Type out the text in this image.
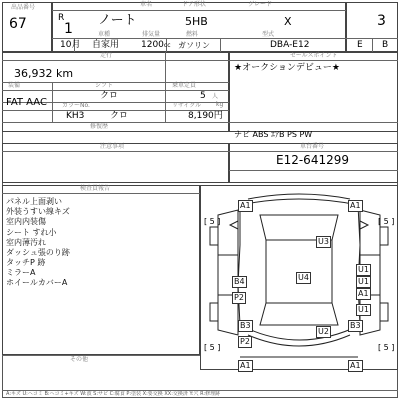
出品番号
67
車名	ドア形状	グレード
R
1
ノート	5HB	X
車種	排気量	燃料	型式
10月 自家用 1200cc ガソリン	DBA-E12
3
E B
走行
36,932 km
装備	シフト
FAT AAC
クロ
乗車定員
5 人
kg
カラーNo.	リサイクル
KH3	クロ	8,190円
修復歴
セールスポイント
★オークションデビュー★
ナビ ABS ｴｱB PS PW
注意事項	車台番号
E12-641299
検査員報告
パネル上面剥い
外装うすい線キズ
室内内装傷
シート すれ小
室内薄汚れ
ダッシュ張のり跡
タッチP 跡
ミラーA
ホイールカバーA
その他
A1	A1
U3
U4
U1
U1
B4
A1
P2
U1
B3	B3
U2
P2
A1	A1
[ 5 ]	[ 5 ]
[ 5 ]	[ 5 ]
A:キズ U:ヘコミ B:ヘコミ+キズ W:波 S:サビ C:腐食 P:塗装 X:要交換 XX:交換済 Y:穴 R:修理跡
